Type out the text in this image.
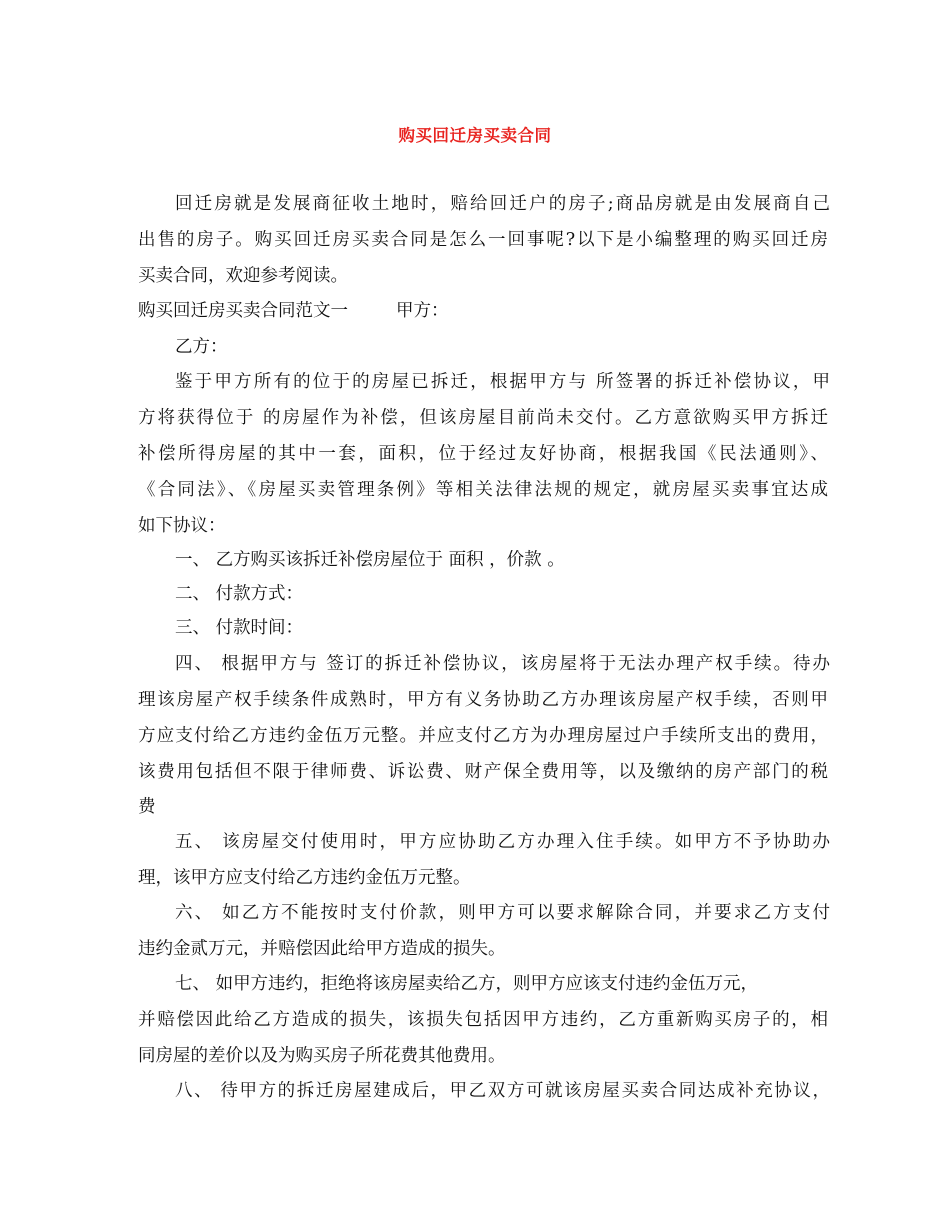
购买回迁房买卖合同
回迁房就是发展商征收土地时，赔给回迁户的房子;商品房就是由发展商自己
出售的房子。购买回迁房买卖合同是怎么一回事呢?以下是小编整理的购买回迁房
买卖合同，欢迎参考阅读。
购买回迁房买卖合同范文一	甲方：
乙方：
鉴于甲方所有的位于的房屋已拆迁，根据甲方与 所签署的拆迁补偿协议，甲
方将获得位于 的房屋作为补偿，但该房屋目前尚未交付。乙方意欲购买甲方拆迁
补偿所得房屋的其中一套，面积，位于经过友好协商，根据我国《民法通则》、
《合同法》、《房屋买卖管理条例》等相关法律法规的规定，就房屋买卖事宜达成
如下协议：
一、 乙方购买该拆迁补偿房屋位于 面积 ，价款 。
二、 付款方式：
三、 付款时间：
四、 根据甲方与 签订的拆迁补偿协议，该房屋将于无法办理产权手续。待办
理该房屋产权手续条件成熟时，甲方有义务协助乙方办理该房屋产权手续，否则甲
方应支付给乙方违约金伍万元整。并应支付乙方为办理房屋过户手续所支出的费用，
该费用包括但不限于律师费、诉讼费、财产保全费用等，以及缴纳的房产部门的税
费
五、 该房屋交付使用时，甲方应协助乙方办理入住手续。如甲方不予协助办
理，该甲方应支付给乙方违约金伍万元整。
六、 如乙方不能按时支付价款，则甲方可以要求解除合同，并要求乙方支付
违约金贰万元，并赔偿因此给甲方造成的损失。
七、 如甲方违约，拒绝将该房屋卖给乙方，则甲方应该支付违约金伍万元，
并赔偿因此给乙方造成的损失，该损失包括因甲方违约，乙方重新购买房子的，相
同房屋的差价以及为购买房子所花费其他费用。
八、 待甲方的拆迁房屋建成后，甲乙双方可就该房屋买卖合同达成补充协议，
